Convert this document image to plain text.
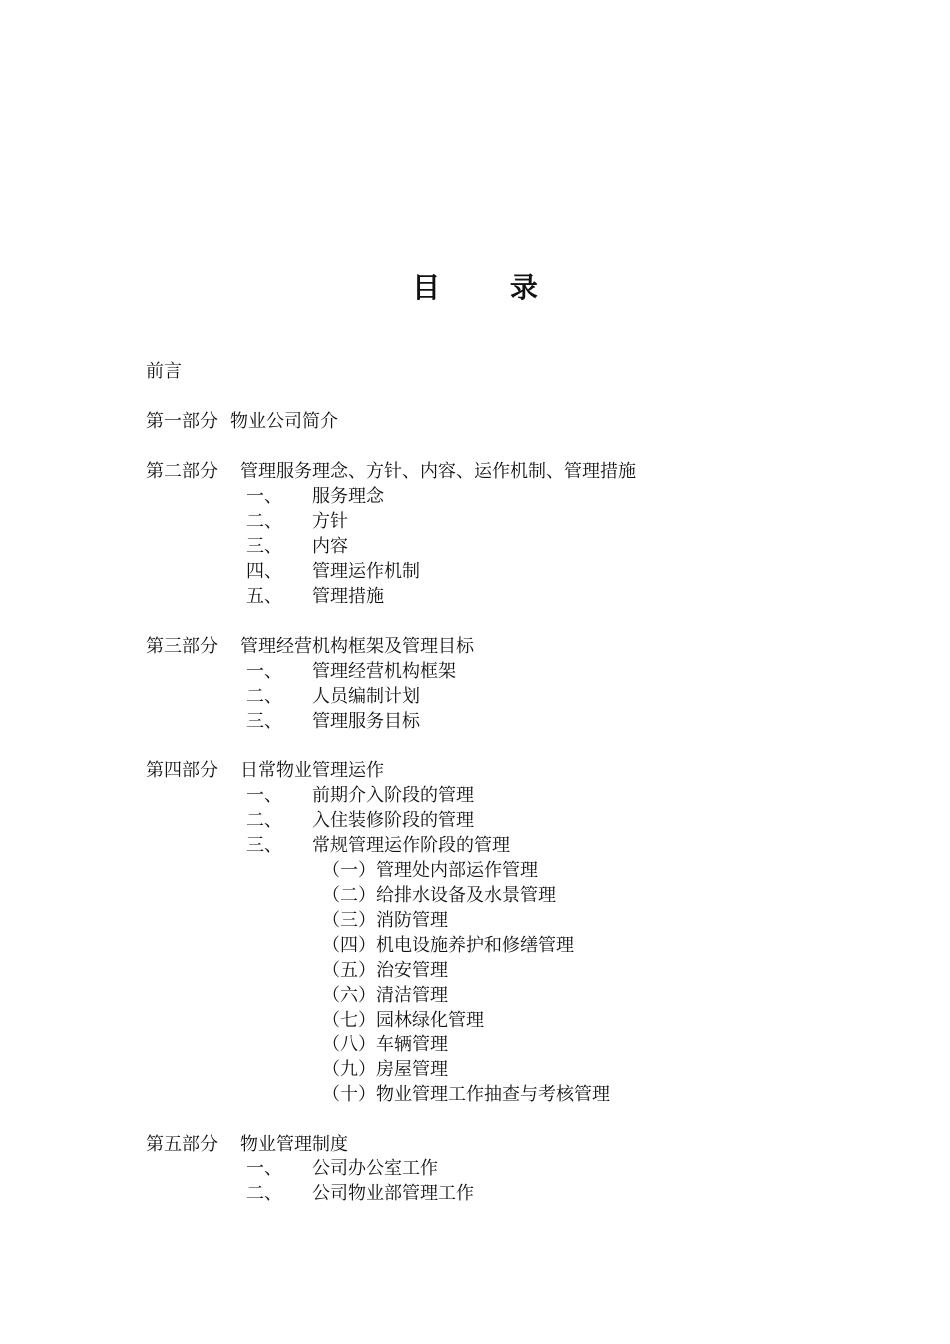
目 录
前言
第一部分 物业公司简介
第二部分 管理服务理念、方针、内容、运作机制、管理措施
一、 服务理念
二、 方针
三、 内容
四、 管理运作机制
五、 管理措施
第三部分 管理经营机构框架及管理目标
一、 管理经营机构框架
二、 人员编制计划
三、 管理服务目标
第四部分 日常物业管理运作
一、 前期介入阶段的管理
二、 入住装修阶段的管理
三、 常规管理运作阶段的管理
（一）管理处内部运作管理
（二）给排水设备及水景管理
（三）消防管理
（四）机电设施养护和修缮管理
（五）治安管理
（六）清洁管理
（七）园林绿化管理
（八）车辆管理
（九）房屋管理
（十）物业管理工作抽查与考核管理
第五部分 物业管理制度
一、 公司办公室工作
二、 公司物业部管理工作
